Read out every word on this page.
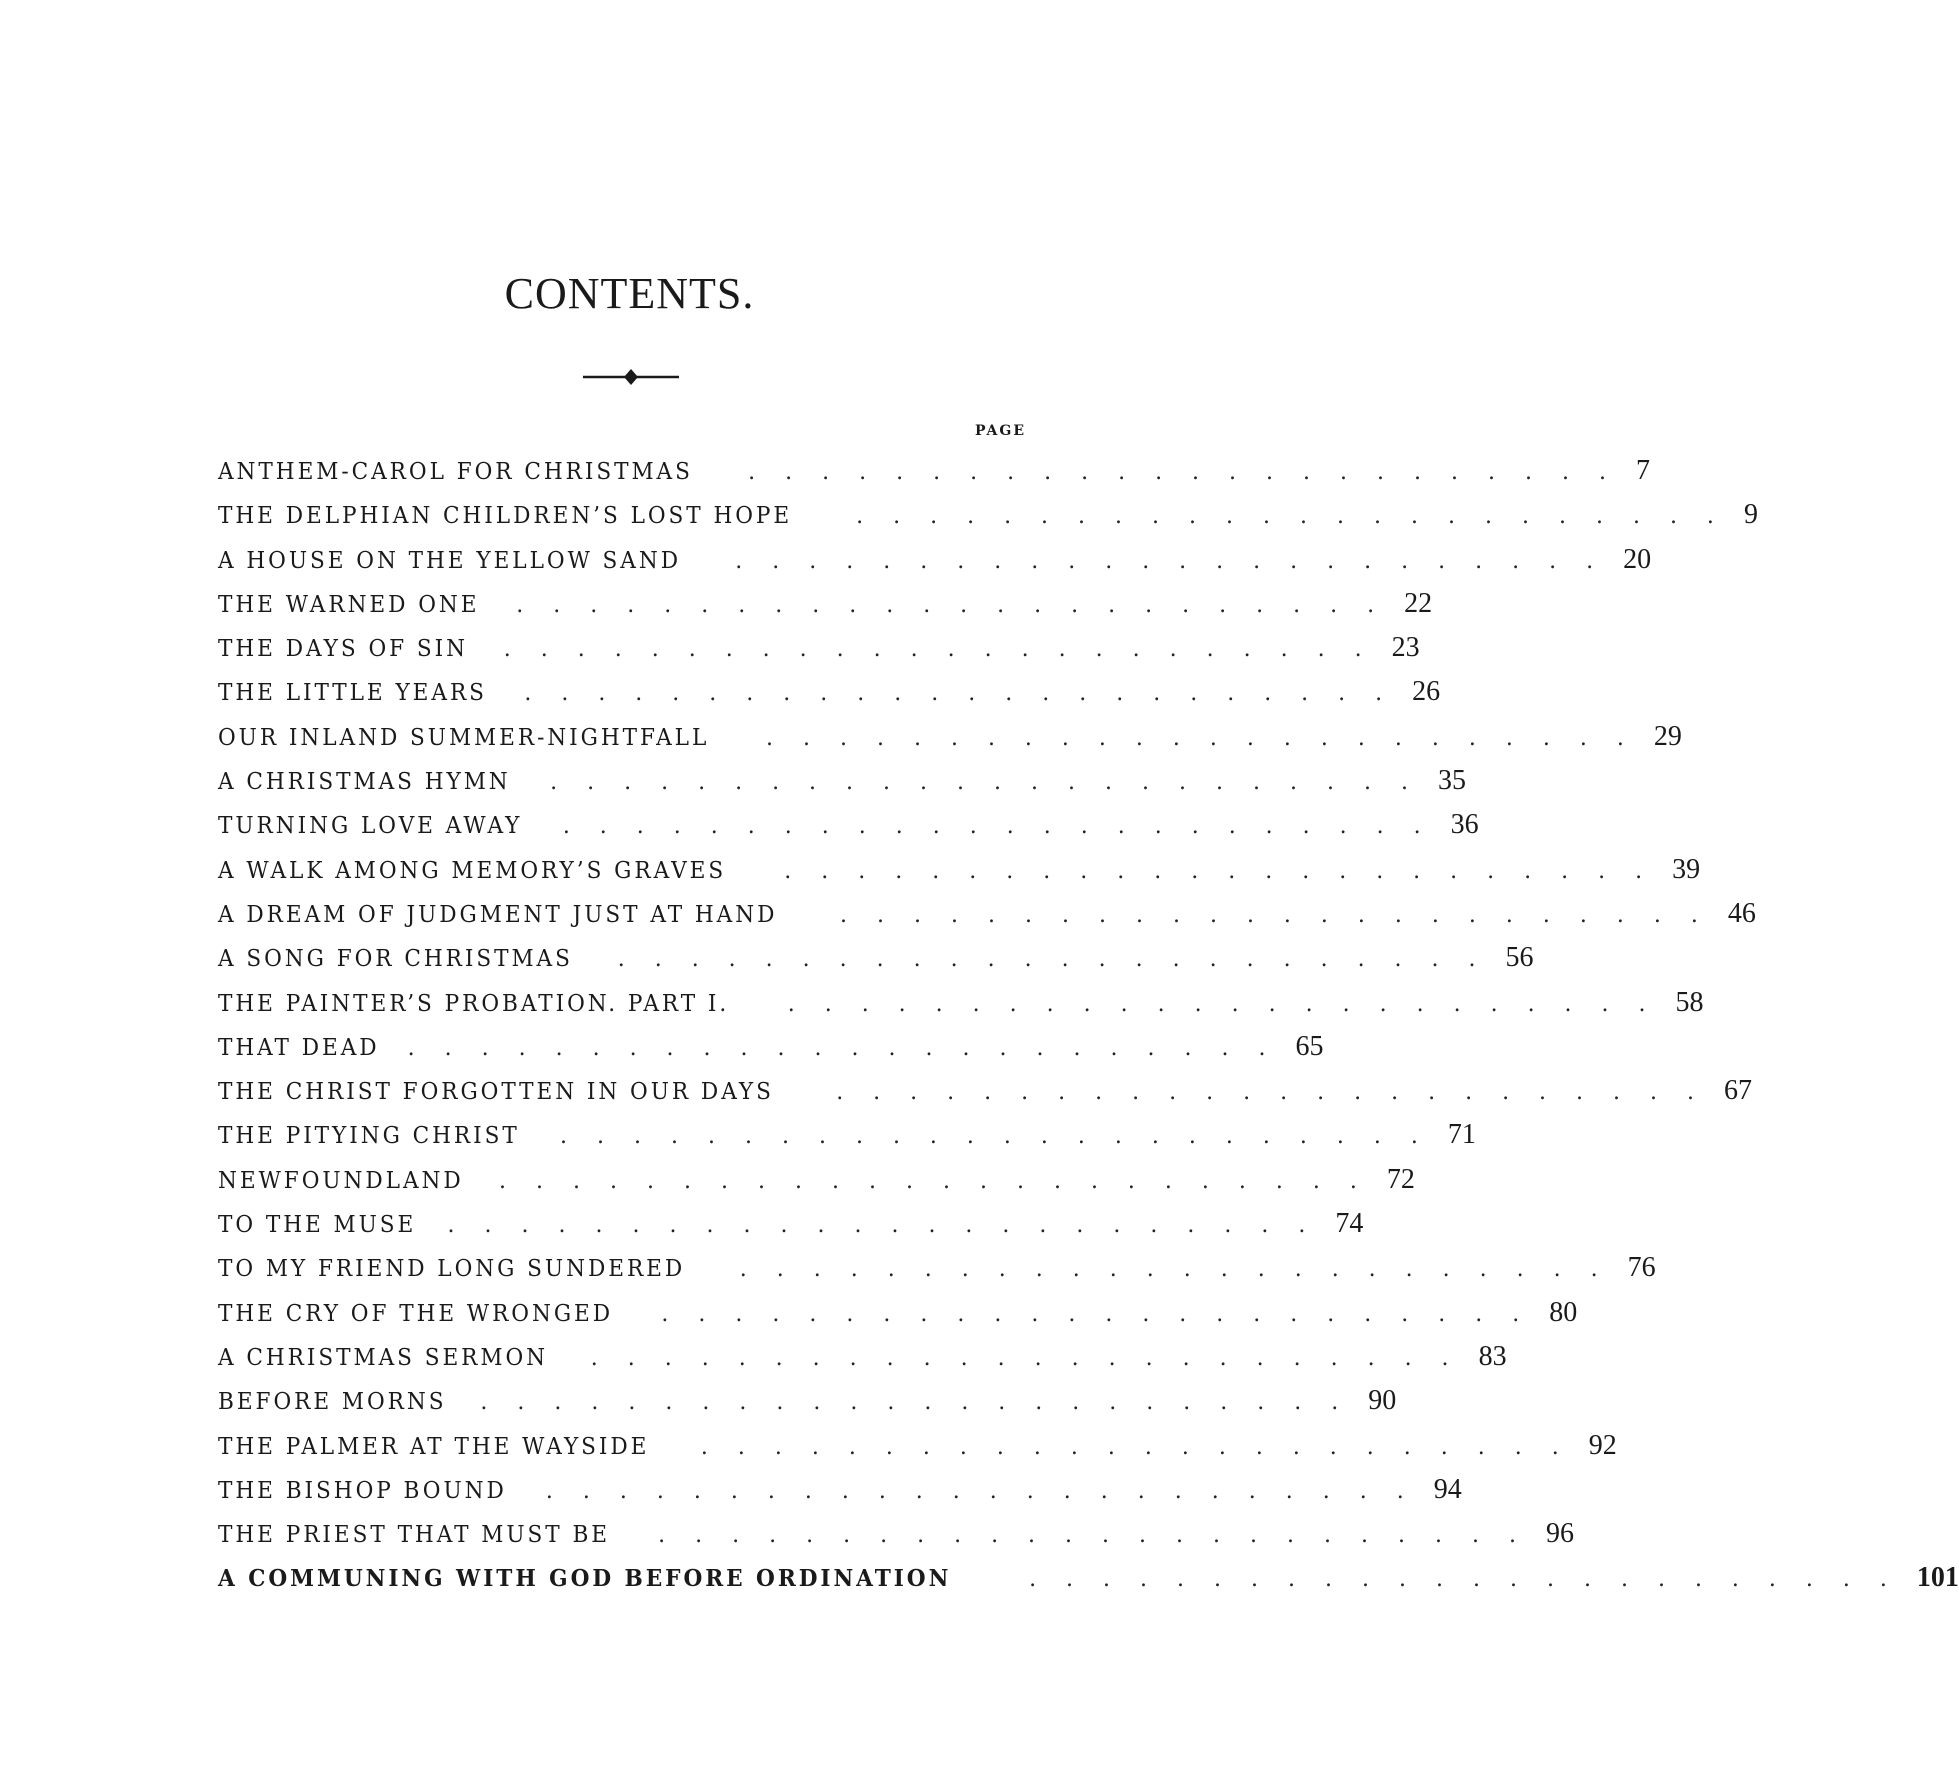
CONTENTS.
PAGE
ANTHEM-CAROL FOR CHRISTMAS	........................ 7
THE DELPHIAN CHILDREN’S LOST HOPE	........................ 9
A HOUSE ON THE YELLOW SAND	........................ 20
THE WARNED ONE	........................ 22
THE DAYS OF SIN	........................ 23
THE LITTLE YEARS	........................ 26
OUR INLAND SUMMER-NIGHTFALL	........................ 29
A CHRISTMAS HYMN	........................ 35
TURNING LOVE AWAY	........................ 36
A WALK AMONG MEMORY’S GRAVES	........................ 39
A DREAM OF JUDGMENT JUST AT HAND	........................ 46
A SONG FOR CHRISTMAS	........................ 56
THE PAINTER’S PROBATION. PART I.	........................ 58
THAT DEAD	........................ 65
THE CHRIST FORGOTTEN IN OUR DAYS	........................ 67
THE PITYING CHRIST	........................ 71
NEWFOUNDLAND	........................ 72
TO THE MUSE	........................ 74
TO MY FRIEND LONG SUNDERED	........................ 76
THE CRY OF THE WRONGED	........................ 80
A CHRISTMAS SERMON	........................ 83
BEFORE MORNS	........................ 90
THE PALMER AT THE WAYSIDE	........................ 92
THE BISHOP BOUND	........................ 94
THE PRIEST THAT MUST BE	........................ 96
A COMMUNING WITH GOD BEFORE ORDINATION	........................ 101
